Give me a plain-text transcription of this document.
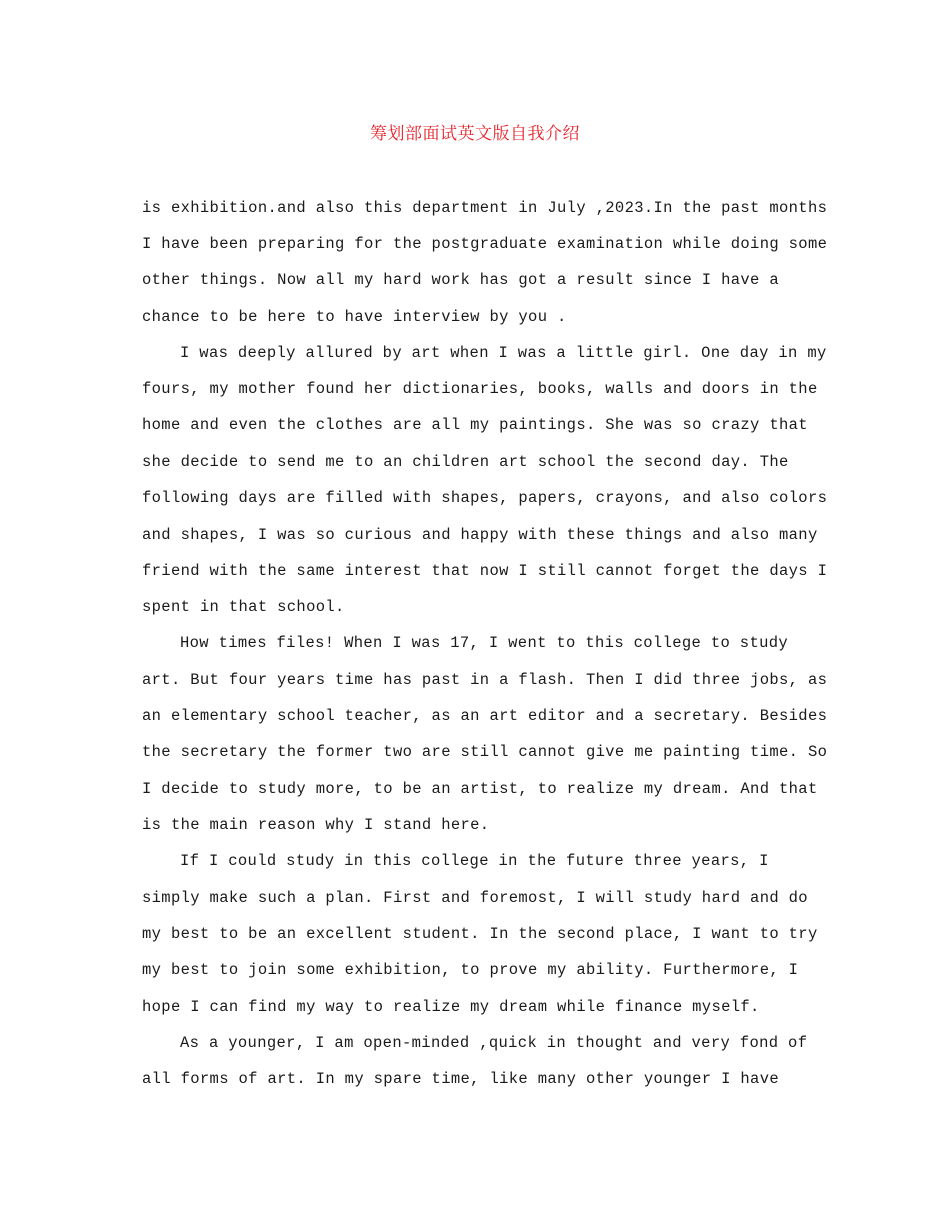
筹划部面试英文版自我介绍
is exhibition.and also this department in July ,2023.In the past months
I have been preparing for the postgraduate examination while doing some
other things. Now all my hard work has got a result since I have a
chance to be here to have interview by you .
I was deeply allured by art when I was a little girl. One day in my
fours, my mother found her dictionaries, books, walls and doors in the
home and even the clothes are all my paintings. She was so crazy that
she decide to send me to an children art school the second day. The
following days are filled with shapes, papers, crayons, and also colors
and shapes, I was so curious and happy with these things and also many
friend with the same interest that now I still cannot forget the days I
spent in that school.
How times files! When I was 17, I went to this college to study
art. But four years time has past in a flash. Then I did three jobs, as
an elementary school teacher, as an art editor and a secretary. Besides
the secretary the former two are still cannot give me painting time. So
I decide to study more, to be an artist, to realize my dream. And that
is the main reason why I stand here.
If I could study in this college in the future three years, I
simply make such a plan. First and foremost, I will study hard and do
my best to be an excellent student. In the second place, I want to try
my best to join some exhibition, to prove my ability. Furthermore, I
hope I can find my way to realize my dream while finance myself.
As a younger, I am open-minded ,quick in thought and very fond of
all forms of art. In my spare time, like many other younger I have
